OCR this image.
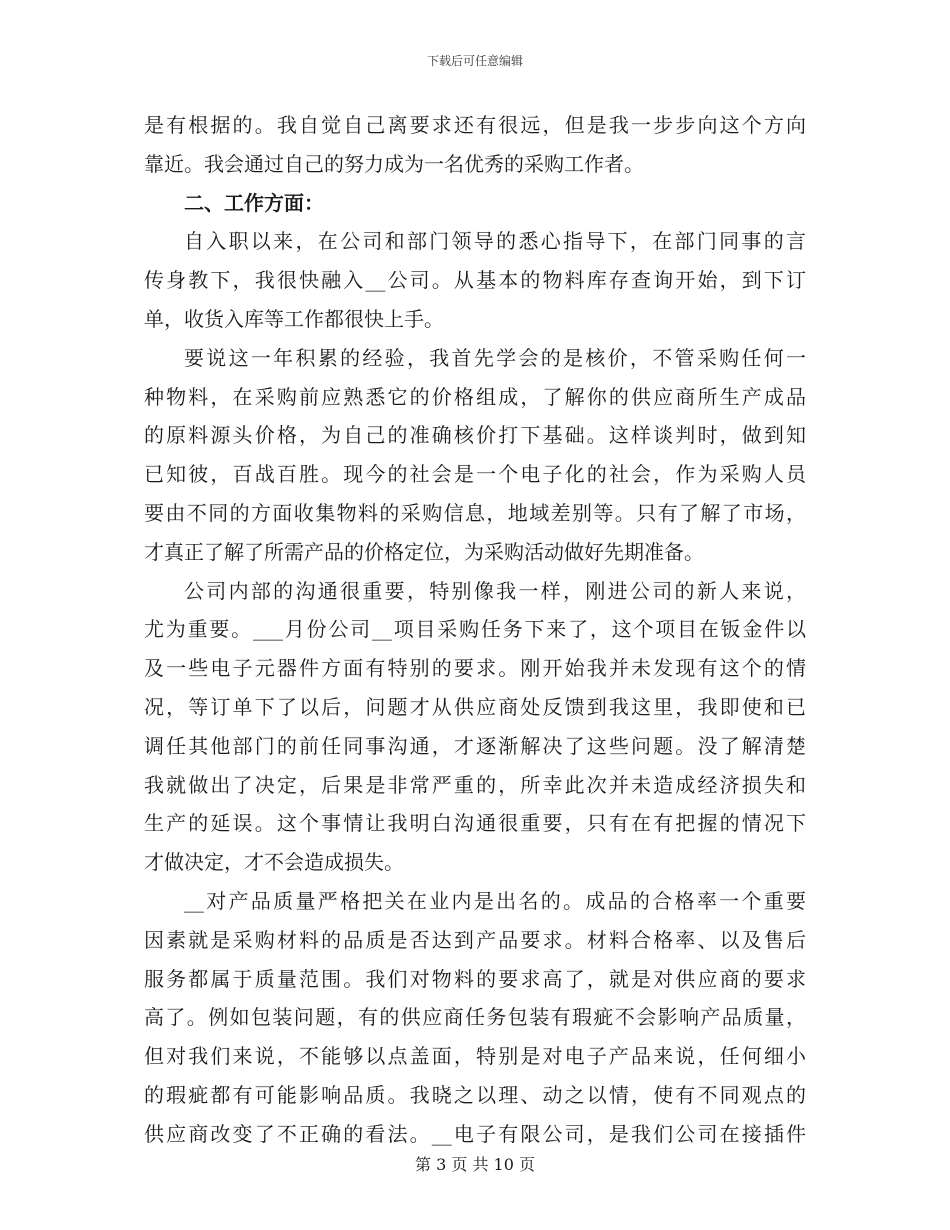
下载后可任意编辑
是有根据的。我自觉自己离要求还有很远，但是我一步步向这个方向
靠近。我会通过自己的努力成为一名优秀的采购工作者。
二、工作方面：
自入职以来，在公司和部门领导的悉心指导下，在部门同事的言
传身教下，我很快融入__公司。从基本的物料库存查询开始，到下订
单，收货入库等工作都很快上手。
要说这一年积累的经验，我首先学会的是核价，不管采购任何一
种物料，在采购前应熟悉它的价格组成，了解你的供应商所生产成品
的原料源头价格，为自己的准确核价打下基础。这样谈判时，做到知
已知彼，百战百胜。现今的社会是一个电子化的社会，作为采购人员
要由不同的方面收集物料的采购信息，地域差别等。只有了解了市场，
才真正了解了所需产品的价格定位，为采购活动做好先期准备。
公司内部的沟通很重要，特别像我一样，刚进公司的新人来说，
尤为重要。___月份公司__项目采购任务下来了，这个项目在钣金件以
及一些电子元器件方面有特别的要求。刚开始我并未发现有这个的情
况，等订单下了以后，问题才从供应商处反馈到我这里，我即使和已
调任其他部门的前任同事沟通，才逐渐解决了这些问题。没了解清楚
我就做出了决定，后果是非常严重的，所幸此次并未造成经济损失和
生产的延误。这个事情让我明白沟通很重要，只有在有把握的情况下
才做决定，才不会造成损失。
__对产品质量严格把关在业内是出名的。成品的合格率一个重要
因素就是采购材料的品质是否达到产品要求。材料合格率、以及售后
服务都属于质量范围。我们对物料的要求高了，就是对供应商的要求
高了。例如包装问题，有的供应商任务包装有瑕疵不会影响产品质量，
但对我们来说，不能够以点盖面，特别是对电子产品来说，任何细小
的瑕疵都有可能影响品质。我晓之以理、动之以情，使有不同观点的
供应商改变了不正确的看法。__电子有限公司，是我们公司在接插件
第 3 页 共 10 页
